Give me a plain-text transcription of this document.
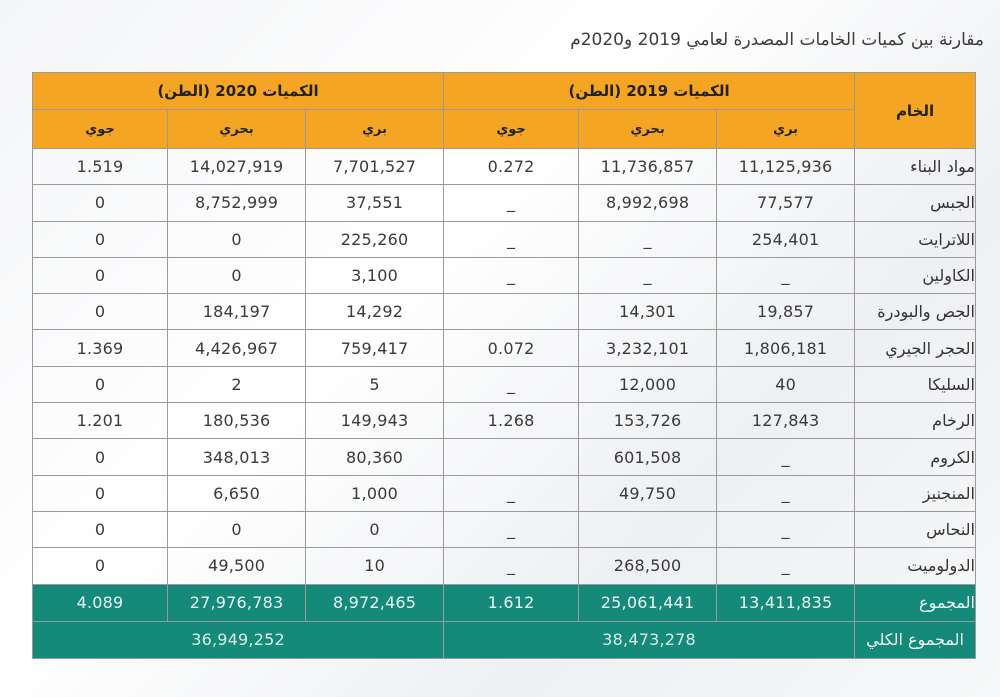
مقارنة بين كميات الخامات المصدرة لعامي 2019 و2020م
الخام	الكميات 2019 (الطن)			الكميات 2020 (الطن)		
	بري	بحري	جوي	بري	بحري	جوي
مواد البناء	11,125,936	11,736,857	0.272	7,701,527	14,027,919	1.519
الجبس	77,577	8,992,698	_	37,551	8,752,999	0
اللاترايت	254,401	_	_	225,260	0	0
الكاولين	_	_	_	3,100	0	0
الجص والبودرة	19,857	14,301		14,292	184,197	0
الحجر الجيري	1,806,181	3,232,101	0.072	759,417	4,426,967	1.369
السليكا	40	12,000	_	5	2	0
الرخام	127,843	153,726	1.268	149,943	180,536	1.201
الكروم	_	601,508		80,360	348,013	0
المنجنيز	_	49,750	_	1,000	6,650	0
النحاس	_		_	0	0	0
الدولوميت	_	268,500	_	10	49,500	0
المجموع	13,411,835	25,061,441	1.612	8,972,465	27,976,783	4.089
المجموع الكلي	38,473,278			36,949,252		
